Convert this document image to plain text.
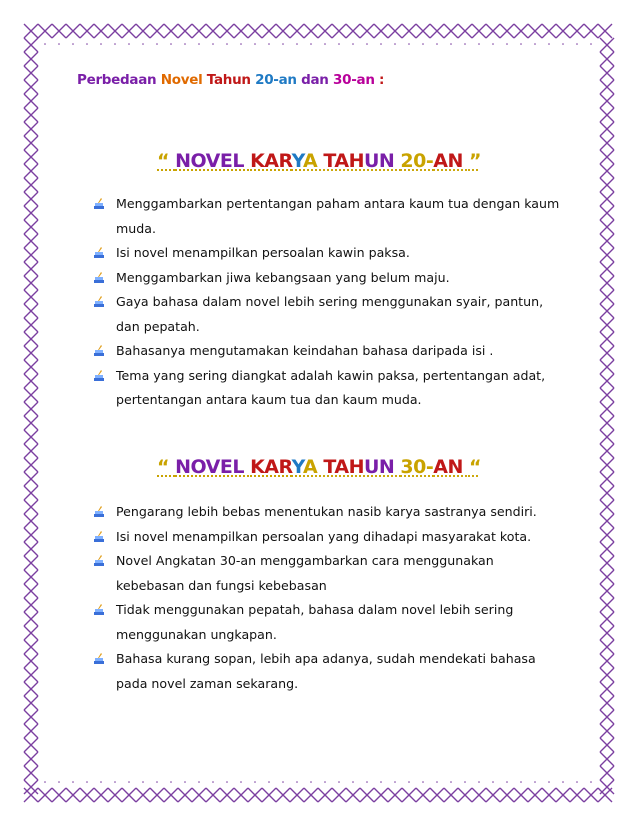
Perbedaan Novel Tahun 20-an dan 30-an :
“ NOVEL KARYA TAHUN 20-AN ”
Menggambarkan pertentangan paham antara kaum tua dengan kaum muda.
Isi novel menampilkan persoalan kawin paksa.
Menggambarkan jiwa kebangsaan yang belum maju.
Gaya bahasa dalam novel lebih sering menggunakan syair, pantun, dan pepatah.
Bahasanya mengutamakan keindahan bahasa daripada isi .
Tema yang sering diangkat adalah kawin paksa, pertentangan adat, pertentangan antara kaum tua dan kaum muda.
“ NOVEL KARYA TAHUN 30-AN “
Pengarang lebih bebas menentukan nasib karya sastranya sendiri.
Isi novel menampilkan persoalan yang dihadapi masyarakat kota.
Novel Angkatan 30-an menggambarkan cara menggunakan kebebasan dan fungsi kebebasan
Tidak menggunakan pepatah, bahasa dalam novel lebih sering menggunakan ungkapan.
Bahasa kurang sopan, lebih apa adanya, sudah mendekati bahasa pada novel zaman sekarang.
